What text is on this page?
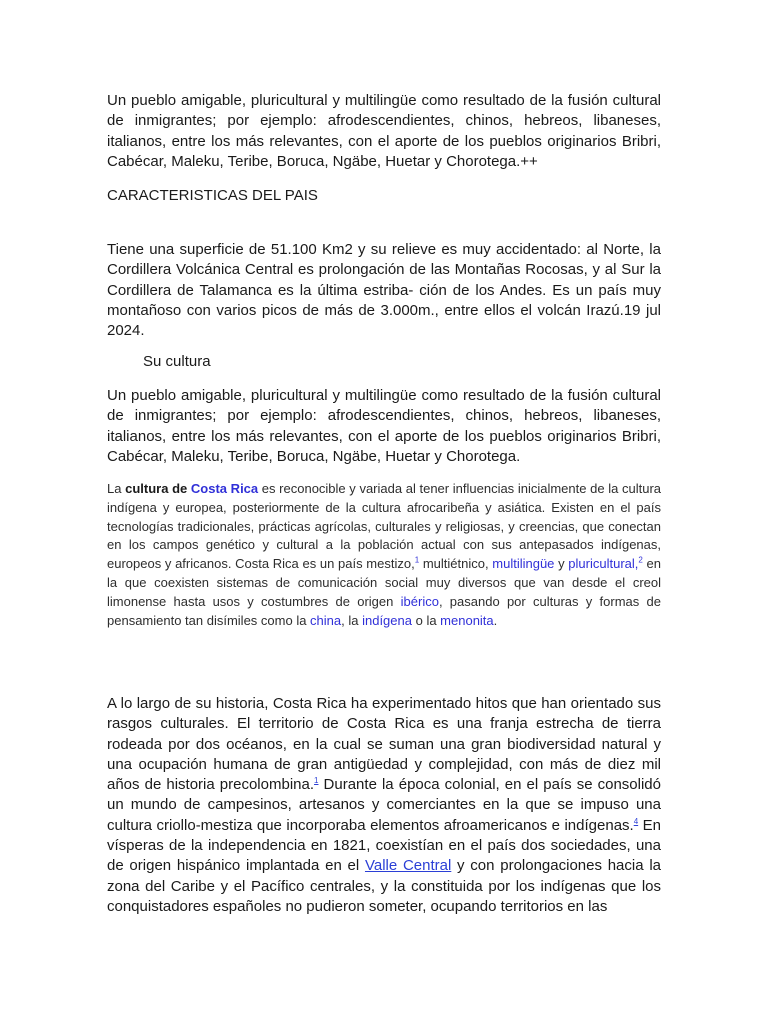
Un pueblo amigable, pluricultural y multilingüe como resultado de la fusión cultural de inmigrantes; por ejemplo: afrodescendientes, chinos, hebreos, libaneses, italianos, entre los más relevantes, con el aporte de los pueblos originarios Bribri, Cabécar, Maleku, Teribe, Boruca, Ngäbe, Huetar y Chorotega.++

CARACTERISTICAS DEL PAIS

Tiene una superficie de 51.100 Km2 y su relieve es muy accidentado: al Norte, la Cordillera Volcánica Central es prolongación de las Montañas Rocosas, y al Sur la Cordillera de Talamanca es la última estriba- ción de los Andes. Es un país muy montañoso con varios picos de más de 3.000m., entre ellos el volcán Irazú.19 jul 2024.

Su cultura

Un pueblo amigable, pluricultural y multilingüe como resultado de la fusión cultural de inmigrantes; por ejemplo: afrodescendientes, chinos, hebreos, libaneses, italianos, entre los más relevantes, con el aporte de los pueblos originarios Bribri, Cabécar, Maleku, Teribe, Boruca, Ngäbe, Huetar y Chorotega.

La cultura de Costa Rica es reconocible y variada al tener influencias inicialmente de la cultura indígena y europea, posteriormente de la cultura afrocaribeña y asiática. Existen en el país tecnologías tradicionales, prácticas agrícolas, culturales y religiosas, y creencias, que conectan en los campos genético y cultural a la población actual con sus antepasados indígenas, europeos y africanos. Costa Rica es un país mestizo,$^1$ multiétnico, multilingüe y pluricultural,$^2$ en la que coexisten sistemas de comunicación social muy diversos que van desde el creol limonense hasta usos y costumbres de origen ibérico, pasando por culturas y formas de pensamiento tan disímiles como la china, la indígena o la menonita.

A lo largo de su historia, Costa Rica ha experimentado hitos que han orientado sus rasgos culturales. El territorio de Costa Rica es una franja estrecha de tierra rodeada por dos océanos, en la cual se suman una gran biodiversidad natural y una ocupación humana de gran antigüedad y complejidad, con más de diez mil años de historia precolombina.$^1$ Durante la época colonial, en el país se consolidó un mundo de campesinos, artesanos y comerciantes en la que se impuso una cultura criollo-mestiza que incorporaba elementos afroamericanos e indígenas.$^4$ En vísperas de la independencia en 1821, coexistían en el país dos sociedades, una de origen hispánico implantada en el Valle Central y con prolongaciones hacia la zona del Caribe y el Pacífico centrales, y la constituida por los indígenas que los conquistadores españoles no pudieron someter, ocupando territorios en las
